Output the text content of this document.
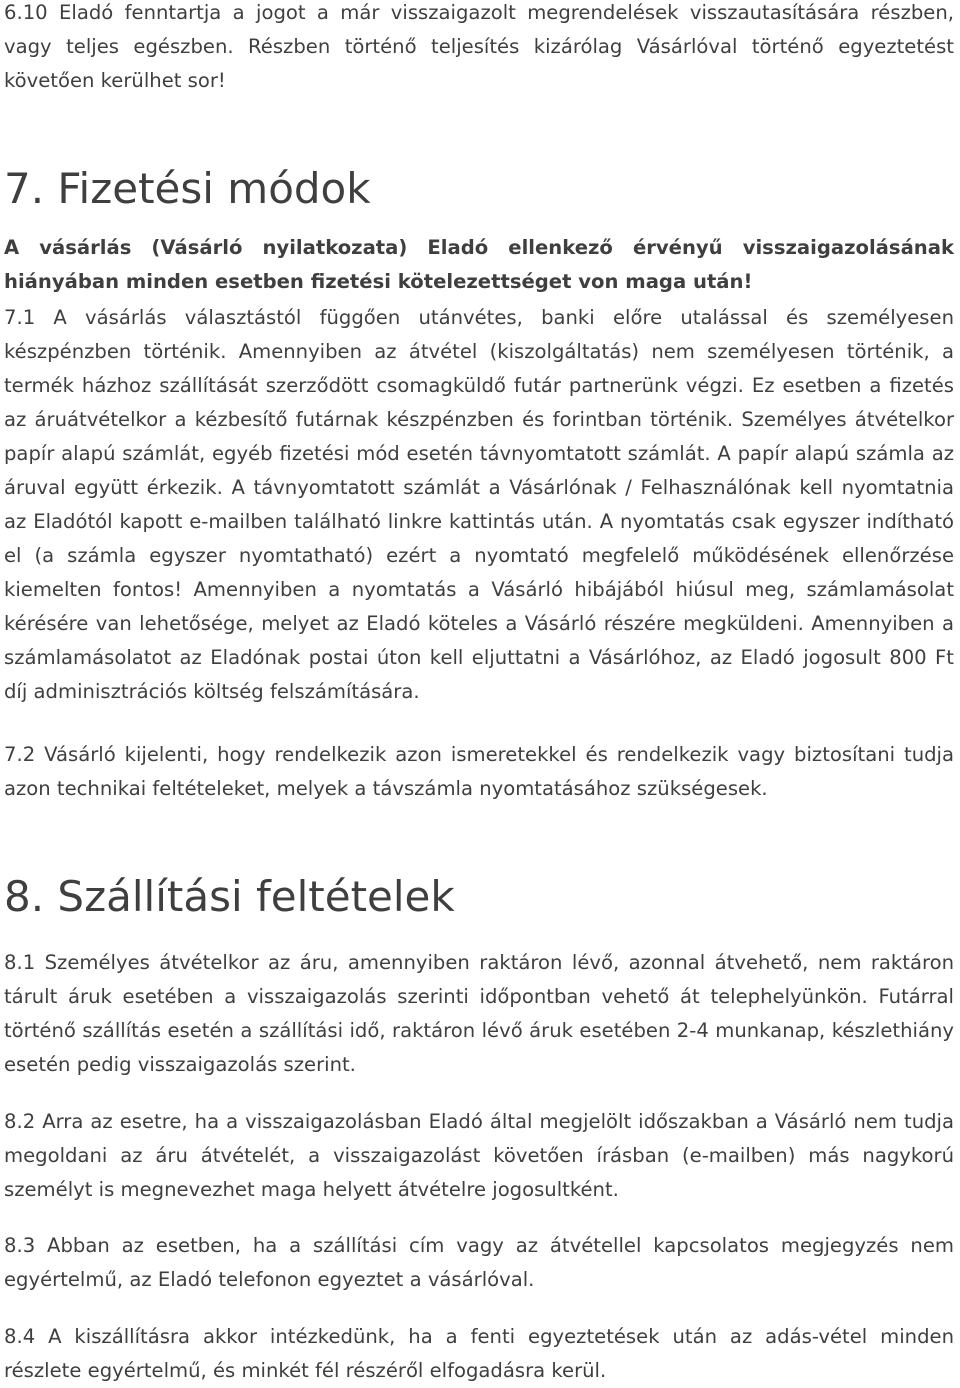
6.10 Eladó fenntartja a jogot a már visszaigazolt megrendelések visszautasítására részben, vagy teljes egészben. Részben történő teljesítés kizárólag Vásárlóval történő egyeztetést követően kerülhet sor!

7. Fizetési módok

A vásárlás (Vásárló nyilatkozata) Eladó ellenkező érvényű visszaigazolásának hiányában minden esetben fizetési kötelezettséget von maga után!

7.1 A vásárlás választástól függően utánvétes, banki előre utalással és személyesen készpénzben történik. Amennyiben az átvétel (kiszolgáltatás) nem személyesen történik, a termék házhoz szállítását szerződött csomagküldő futár partnerünk végzi. Ez esetben a fizetés az áruátvételkor a kézbesítő futárnak készpénzben és forintban történik. Személyes átvételkor papír alapú számlát, egyéb fizetési mód esetén távnyomtatott számlát. A papír alapú számla az áruval együtt érkezik. A távnyomtatott számlát a Vásárlónak / Felhasználónak kell nyomtatnia az Eladótól kapott e-mailben található linkre kattintás után. A nyomtatás csak egyszer indítható el (a számla egyszer nyomtatható) ezért a nyomtató megfelelő működésének ellenőrzése kiemelten fontos! Amennyiben a nyomtatás a Vásárló hibájából hiúsul meg, számlamásolat kérésére van lehetősége, melyet az Eladó köteles a Vásárló részére megküldeni. Amennyiben a számlamásolatot az Eladónak postai úton kell eljuttatni a Vásárlóhoz, az Eladó jogosult 800 Ft díj adminisztrációs költség felszámítására.

7.2 Vásárló kijelenti, hogy rendelkezik azon ismeretekkel és rendelkezik vagy biztosítani tudja azon technikai feltételeket, melyek a távszámla nyomtatásához szükségesek.

8. Szállítási feltételek

8.1 Személyes átvételkor az áru, amennyiben raktáron lévő, azonnal átvehető, nem raktáron tárult áruk esetében a visszaigazolás szerinti időpontban vehető át telephelyünkön. Futárral történő szállítás esetén a szállítási idő, raktáron lévő áruk esetében 2-4 munkanap, készlethiány esetén pedig visszaigazolás szerint.

8.2 Arra az esetre, ha a visszaigazolásban Eladó által megjelölt időszakban a Vásárló nem tudja megoldani az áru átvételét, a visszaigazolást követően írásban (e-mailben) más nagykorú személyt is megnevezhet maga helyett átvételre jogosultként.

8.3 Abban az esetben, ha a szállítási cím vagy az átvétellel kapcsolatos megjegyzés nem egyértelmű, az Eladó telefonon egyeztet a vásárlóval.

8.4 A kiszállításra akkor intézkedünk, ha a fenti egyeztetések után az adás-vétel minden részlete egyértelmű, és minkét fél részéről elfogadásra kerül.
